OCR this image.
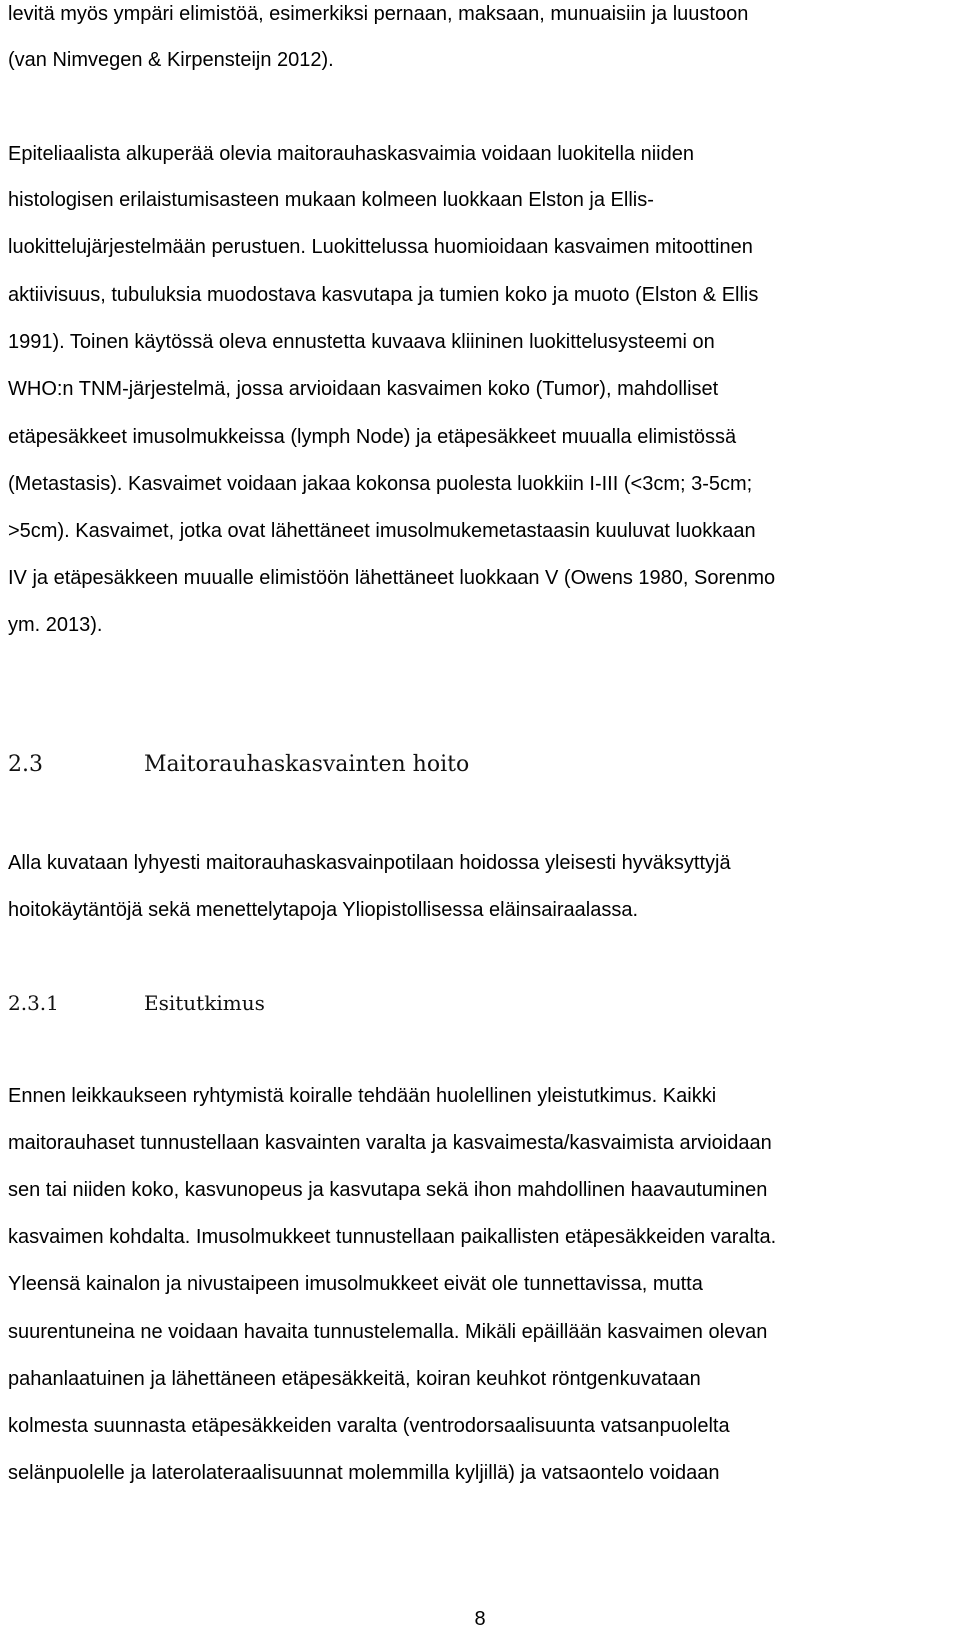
levitä myös ympäri elimistöä, esimerkiksi pernaan, maksaan, munuaisiin ja luustoon
(van Nimvegen & Kirpensteijn 2012).
Epiteliaalista alkuperää olevia maitorauhaskasvaimia voidaan luokitella niiden
histologisen erilaistumisasteen mukaan kolmeen luokkaan Elston ja Ellis-
luokittelujärjestelmään perustuen. Luokittelussa huomioidaan kasvaimen mitoottinen
aktiivisuus, tubuluksia muodostava kasvutapa ja tumien koko ja muoto (Elston & Ellis
1991). Toinen käytössä oleva ennustetta kuvaava kliininen luokittelusysteemi on
WHO:n TNM-järjestelmä, jossa arvioidaan kasvaimen koko (Tumor), mahdolliset
etäpesäkkeet imusolmukkeissa (lymph Node) ja etäpesäkkeet muualla elimistössä
(Metastasis). Kasvaimet voidaan jakaa kokonsa puolesta luokkiin I-III (<3cm; 3-5cm;
>5cm). Kasvaimet, jotka ovat lähettäneet imusolmukemetastaasin kuuluvat luokkaan
IV ja etäpesäkkeen muualle elimistöön lähettäneet luokkaan V (Owens 1980, Sorenmo
ym. 2013).
2.3	Maitorauhaskasvainten hoito
Alla kuvataan lyhyesti maitorauhaskasvainpotilaan hoidossa yleisesti hyväksyttyjä
hoitokäytäntöjä sekä menettelytapoja Yliopistollisessa eläinsairaalassa.
2.3.1	Esitutkimus
Ennen leikkaukseen ryhtymistä koiralle tehdään huolellinen yleistutkimus. Kaikki
maitorauhaset tunnustellaan kasvainten varalta ja kasvaimesta/kasvaimista arvioidaan
sen tai niiden koko, kasvunopeus ja kasvutapa sekä ihon mahdollinen haavautuminen
kasvaimen kohdalta. Imusolmukkeet tunnustellaan paikallisten etäpesäkkeiden varalta.
Yleensä kainalon ja nivustaipeen imusolmukkeet eivät ole tunnettavissa, mutta
suurentuneina ne voidaan havaita tunnustelemalla. Mikäli epäillään kasvaimen olevan
pahanlaatuinen ja lähettäneen etäpesäkkeitä, koiran keuhkot röntgenkuvataan
kolmesta suunnasta etäpesäkkeiden varalta (ventrodorsaalisuunta vatsanpuolelta
selänpuolelle ja laterolateraalisuunnat molemmilla kyljillä) ja vatsaontelo voidaan
8
